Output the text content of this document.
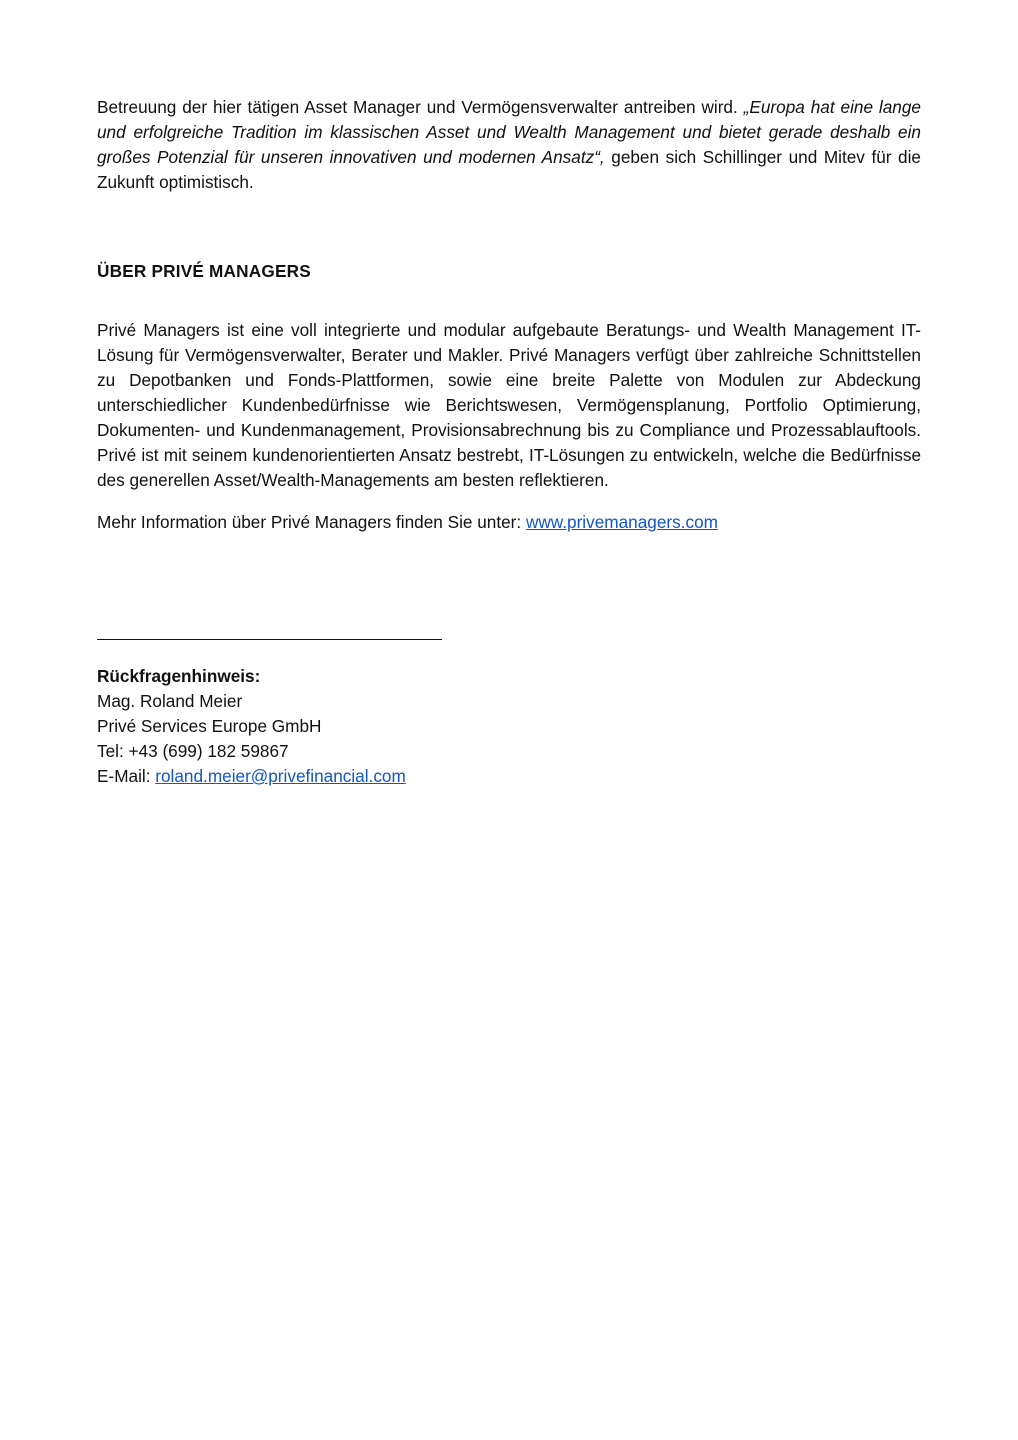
Betreuung der hier tätigen Asset Manager und Vermögensverwalter antreiben wird. „Europa hat eine lange und erfolgreiche Tradition im klassischen Asset und Wealth Management und bietet gerade deshalb ein großes Potenzial für unseren innovativen und modernen Ansatz“, geben sich Schillinger und Mitev für die Zukunft optimistisch.

ÜBER PRIVÉ MANAGERS

Privé Managers ist eine voll integrierte und modular aufgebaute Beratungs- und Wealth Management IT-Lösung für Vermögensverwalter, Berater und Makler. Privé Managers verfügt über zahlreiche Schnittstellen zu Depotbanken und Fonds-Plattformen, sowie eine breite Palette von Modulen zur Abdeckung unterschiedlicher Kundenbedürfnisse wie Berichtswesen, Vermögensplanung, Portfolio Optimierung, Dokumenten- und Kundenmanagement, Provisionsabrechnung bis zu Compliance und Prozessablauftools. Privé ist mit seinem kundenorientierten Ansatz bestrebt, IT-Lösungen zu entwickeln, welche die Bedürfnisse des generellen Asset/Wealth-Managements am besten reflektieren.

Mehr Information über Privé Managers finden Sie unter: www.privemanagers.com

Rückfragenhinweis:
Mag. Roland Meier
Privé Services Europe GmbH
Tel: +43 (699) 182 59867
E-Mail: roland.meier@privefinancial.com
